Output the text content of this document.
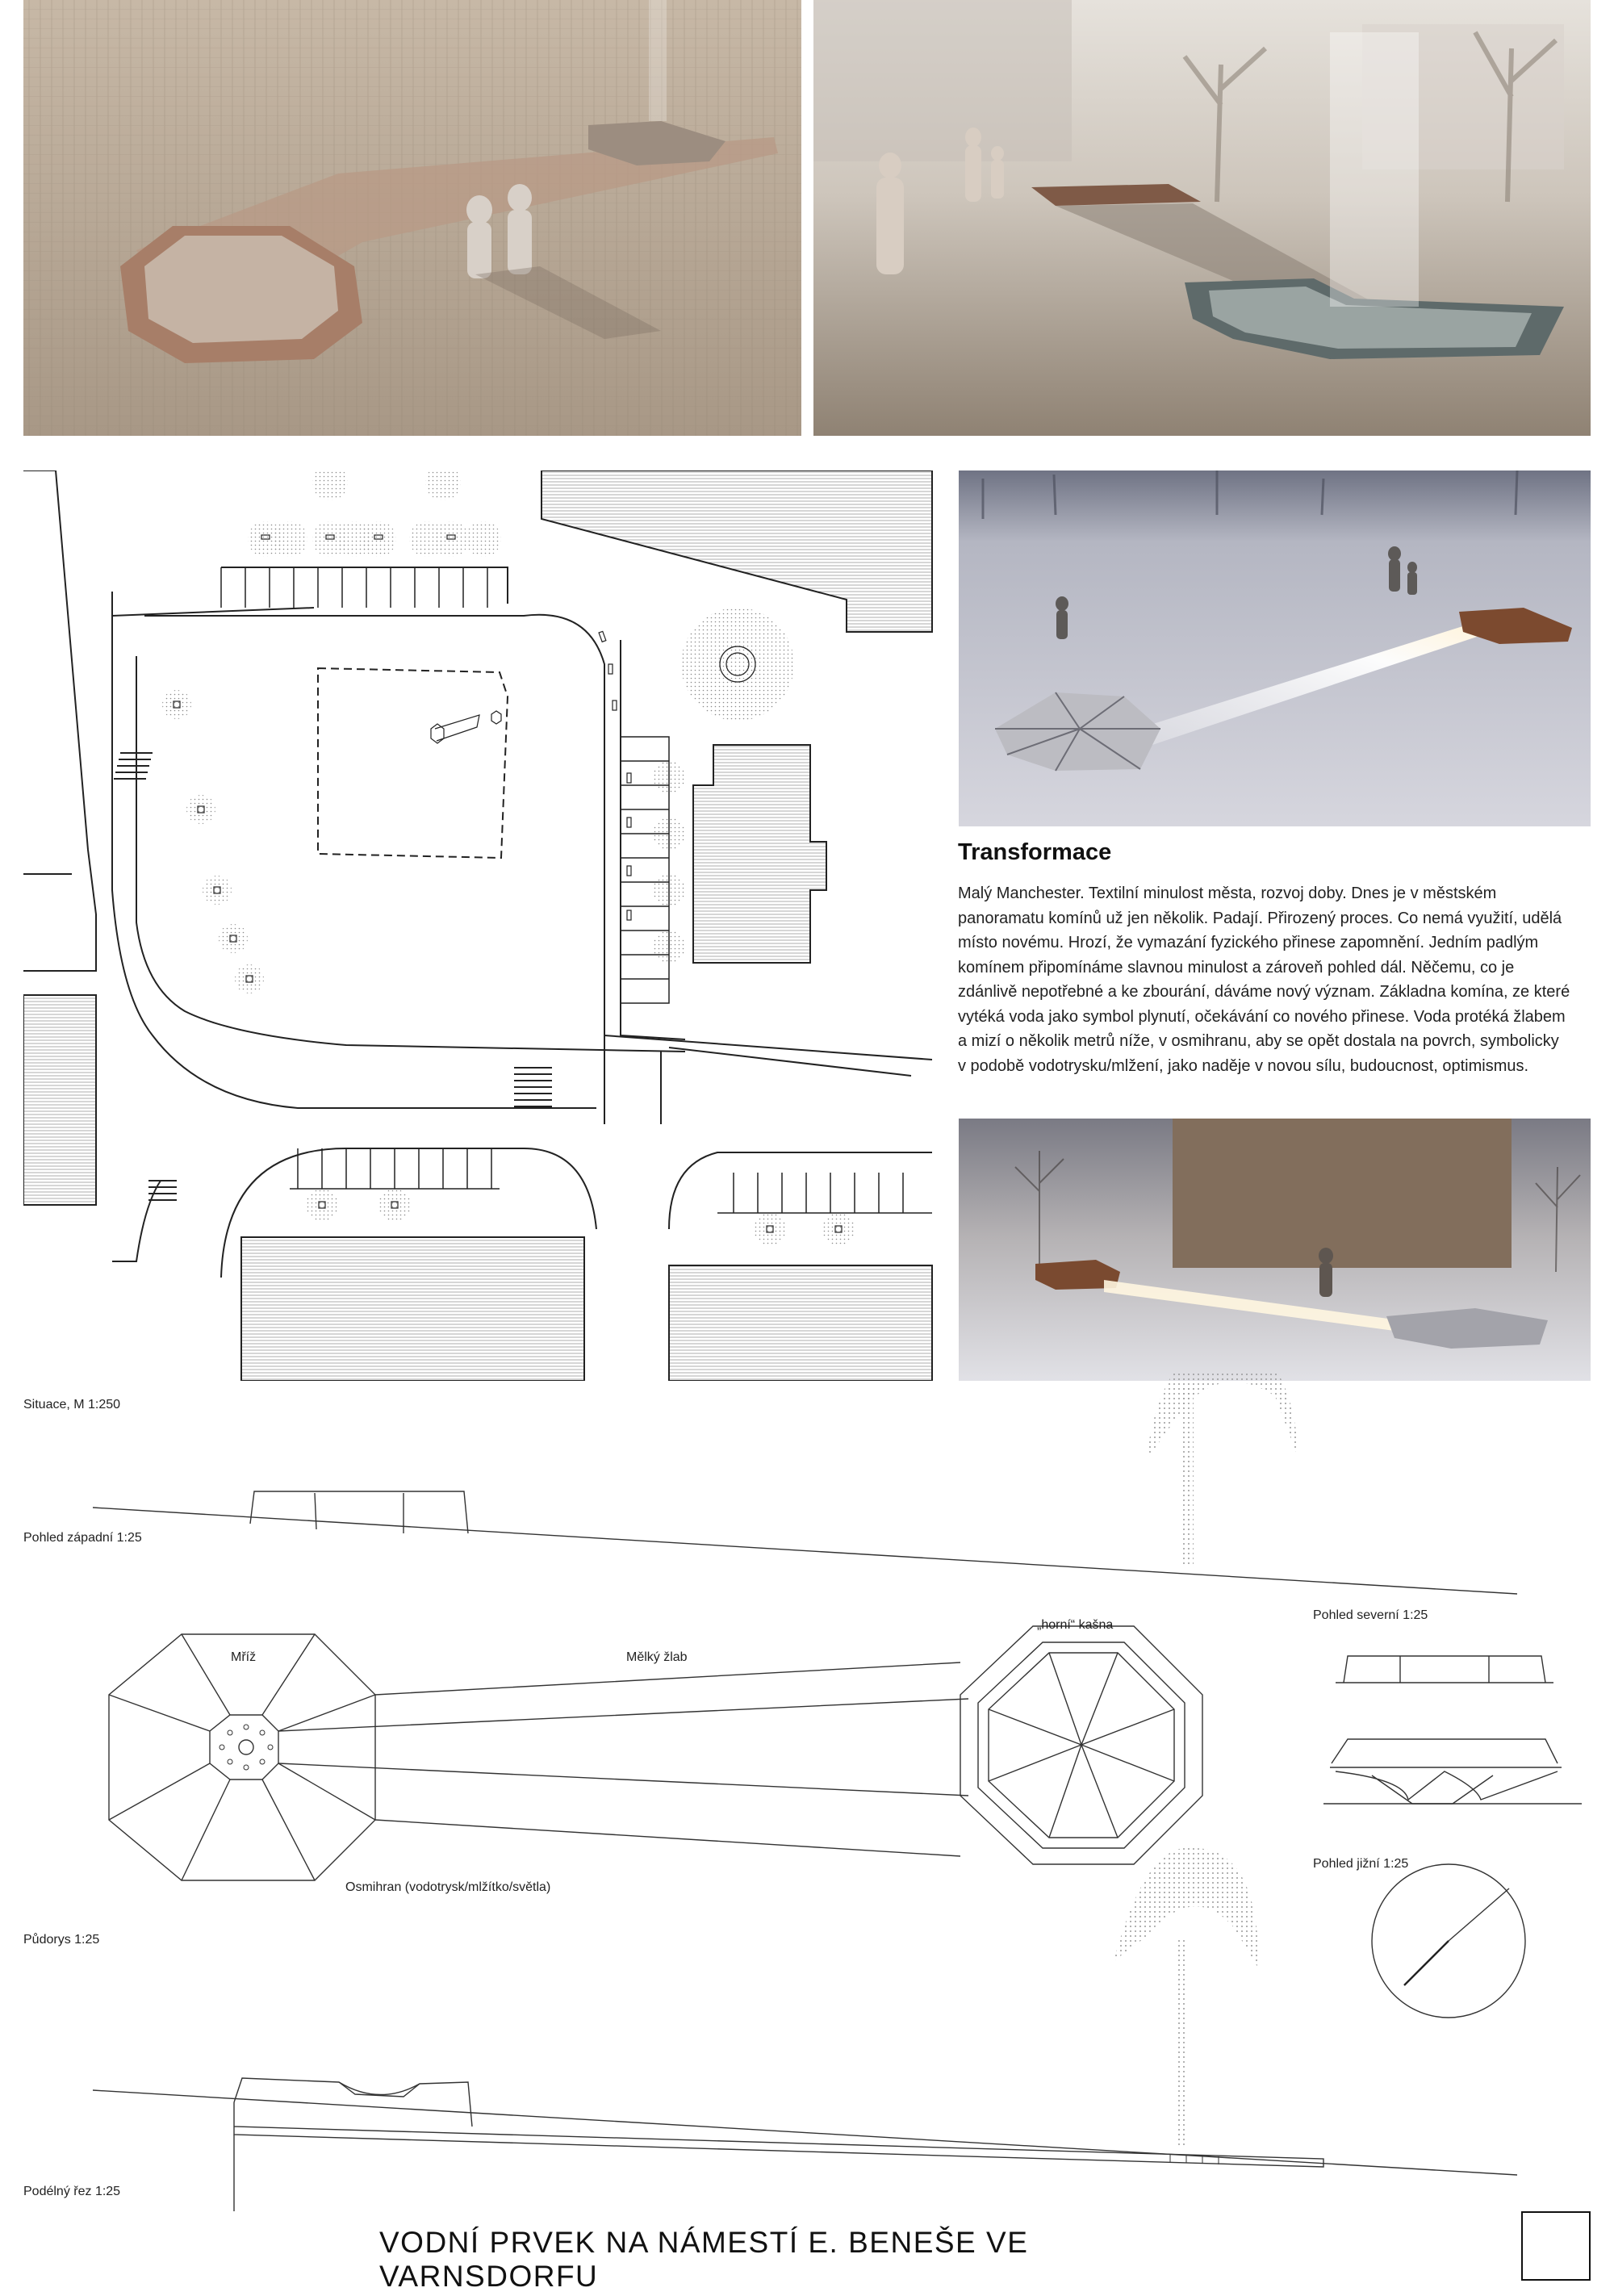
Situace, M 1:250
Pohled západní 1:25
Pohled severní 1:25
Pohled jižní 1:25
Půdorys 1:25
Podélný řez 1:25
Mříž	Mělký žlab
„horní“ kašna
Osmihran (vodotrysk/mlžítko/světla)
Transformace
Malý Manchester. Textilní minulost města, rozvoj doby. Dnes je v městském panoramatu komínů už jen několik. Padají. Přirozený proces. Co nemá využití, udělá místo novému. Hrozí, že vymazání fyzického přinese zapomnění. Jedním padlým komínem připomínáme slavnou minulost a zároveň pohled dál. Něčemu, co je zdánlivě nepotřebné a ke zbourání, dáváme nový význam. Základna komína, ze které vytéká voda jako symbol plynutí, očekávání co nového přinese. Voda protéká žlabem a mizí o několik metrů níže, v osmihranu, aby se opět dostala na povrch, symbolicky v podobě vodotrysku/mlžení, jako naděje v novou sílu, budoucnost, optimismus.
VODNÍ PRVEK NA NÁMESTÍ E. BENEŠE VE VARNSDORFU
